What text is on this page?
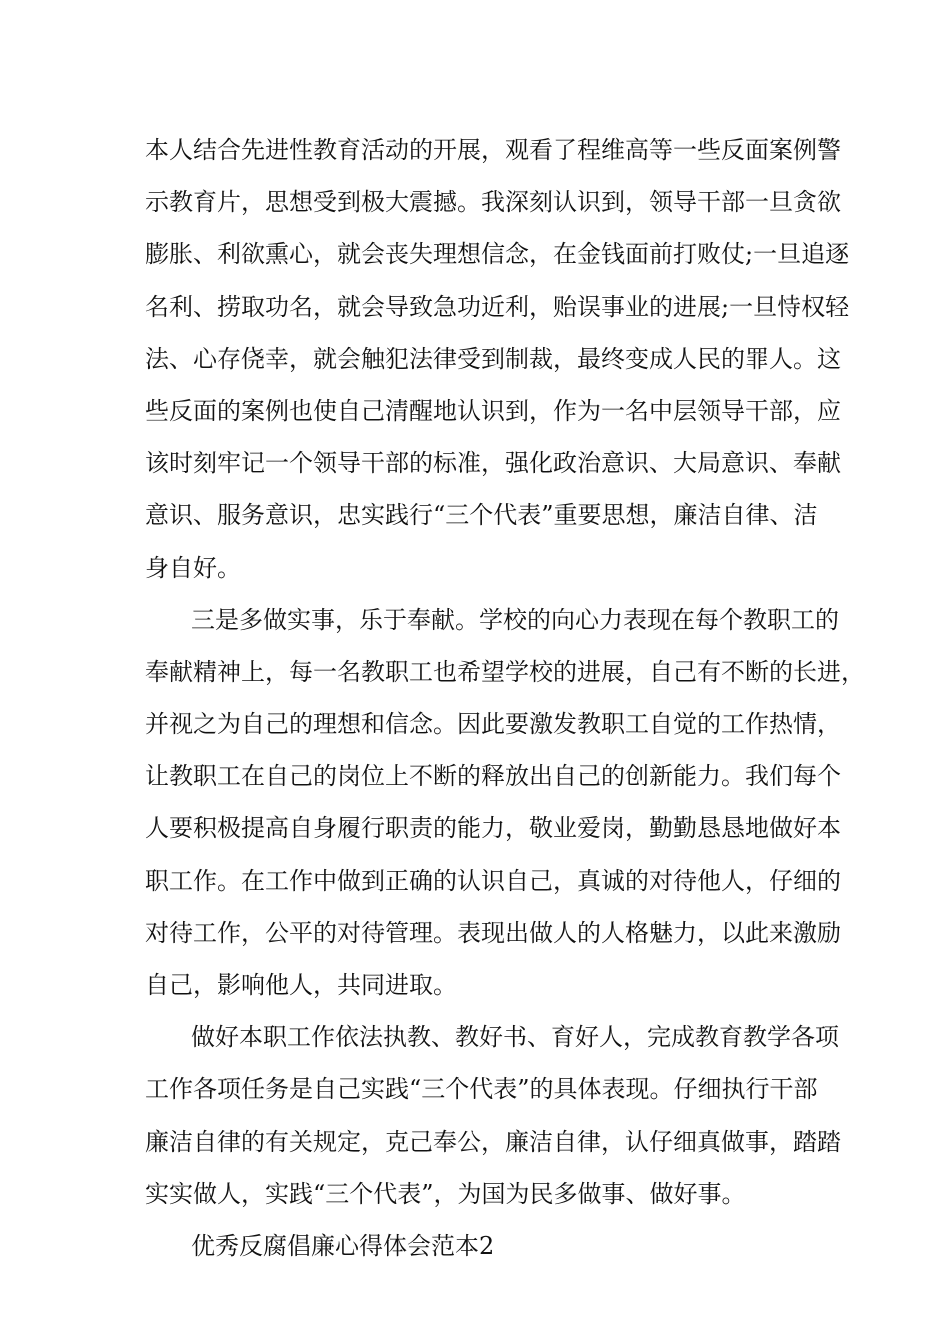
本人结合先进性教育活动的开展，观看了程维高等一些反面案例警
示教育片，思想受到极大震撼。我深刻认识到，领导干部一旦贪欲
膨胀、利欲熏心，就会丧失理想信念，在金钱面前打败仗;一旦追逐
名利、捞取功名，就会导致急功近利，贻误事业的进展;一旦恃权轻
法、心存侥幸，就会触犯法律受到制裁，最终变成人民的罪人。这
些反面的案例也使自己清醒地认识到，作为一名中层领导干部，应
该时刻牢记一个领导干部的标准，强化政治意识、大局意识、奉献
意识、服务意识，忠实践行“三个代表”重要思想，廉洁自律、洁
身自好。
三是多做实事，乐于奉献。学校的向心力表现在每个教职工的
奉献精神上，每一名教职工也希望学校的进展，自己有不断的长进，
并视之为自己的理想和信念。因此要激发教职工自觉的工作热情，
让教职工在自己的岗位上不断的释放出自己的创新能力。我们每个
人要积极提高自身履行职责的能力，敬业爱岗，勤勤恳恳地做好本
职工作。在工作中做到正确的认识自己，真诚的对待他人，仔细的
对待工作，公平的对待管理。表现出做人的人格魅力，以此来激励
自己，影响他人，共同进取。
做好本职工作依法执教、教好书、育好人，完成教育教学各项
工作各项任务是自己实践“三个代表”的具体表现。仔细执行干部
廉洁自律的有关规定，克己奉公，廉洁自律，认仔细真做事，踏踏
实实做人，实践“三个代表”，为国为民多做事、做好事。
优秀反腐倡廉心得体会范本2
